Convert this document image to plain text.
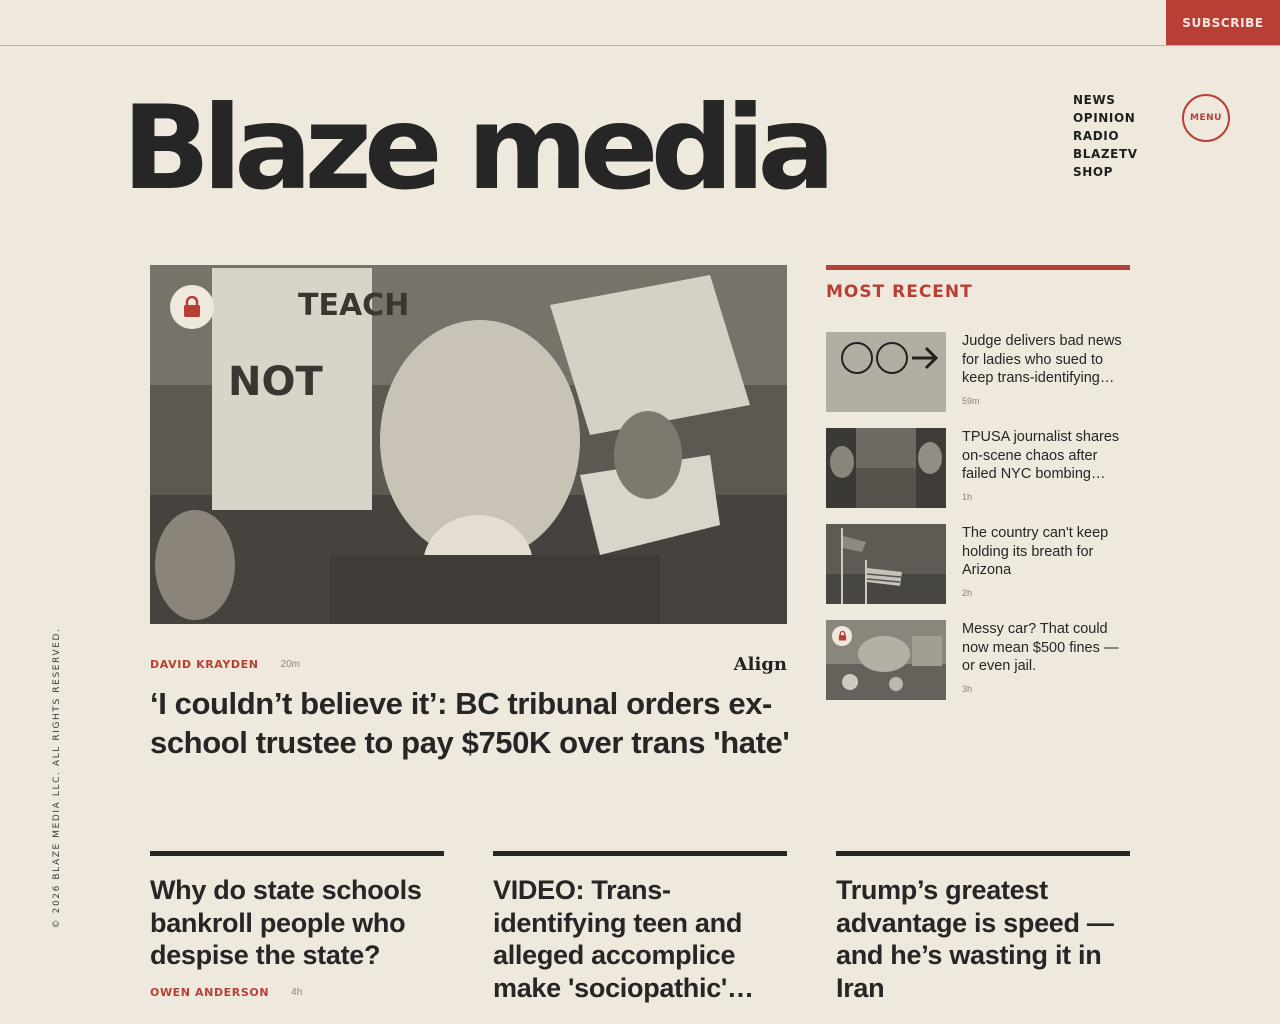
SUBSCRIBE
Blaze media	NEWS
OPINION
RADIO
BLAZETV
SHOP
MENU
TEACH
NOT
DAVID KRAYDEN 20m	Align
‘I couldn’t believe it’: BC tribunal orders ex-school trustee to pay $750K over trans 'hate'
MOST RECENT
Judge delivers bad news for ladies who sued to keep trans-identifying
59m
TPUSA journalist shares on-scene chaos after failed NYC bombing
1h
The country can't keep holding its breath for Arizona
2h
Messy car? That could now mean $500 fines — or even jail.
3h
© 2026 BLAZE MEDIA LLC. ALL RIGHTS RESERVED.	Why do state schools bankroll people who despise the state?
OWEN ANDERSON 4h
VIDEO: Trans-identifying teen and alleged accomplice make 'sociopathic'
Trump’s greatest advantage is speed — and he’s wasting it in Iran
